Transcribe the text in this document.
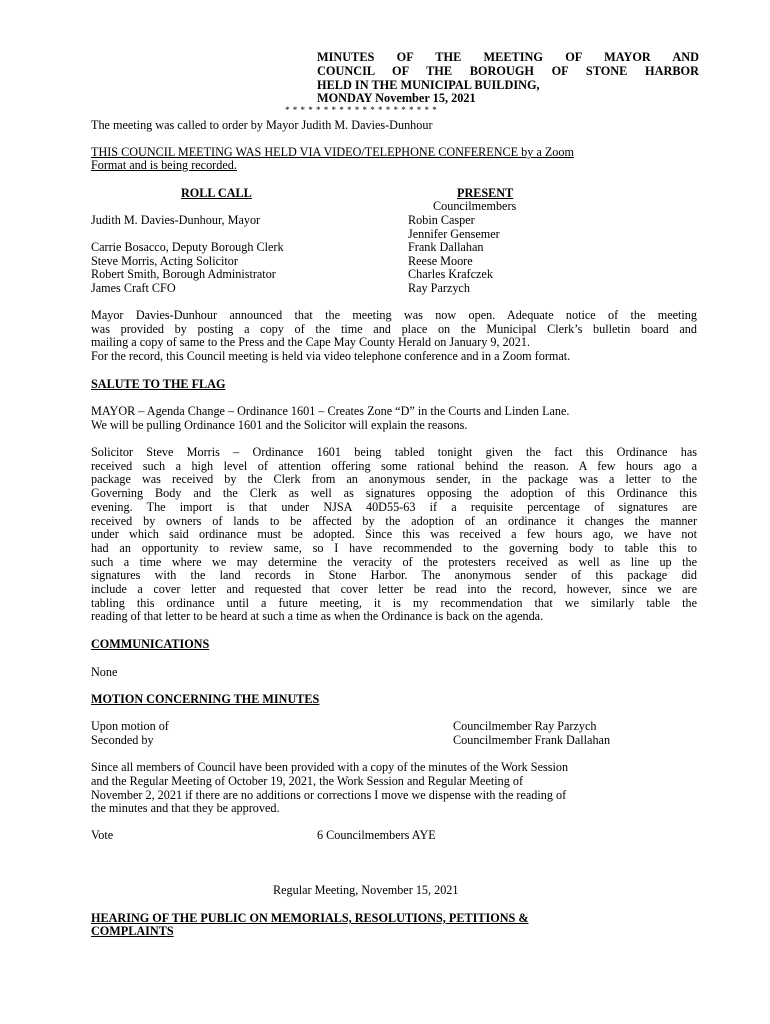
MINUTES OF THE MEETING OF MAYOR AND
COUNCIL OF THE BOROUGH OF STONE HARBOR
HELD IN THE MUNICIPAL BUILDING,
MONDAY November 15, 2021
* * * * * * * * * * * * * * * * * * * *
The meeting was called to order by Mayor Judith M. Davies-Dunhour
THIS COUNCIL MEETING WAS HELD VIA VIDEO/TELEPHONE CONFERENCE by a Zoom
Format and is being recorded.
ROLL CALL
Judith M. Davies-Dunhour, Mayor
Carrie Bosacco, Deputy Borough Clerk
Steve Morris, Acting Solicitor
Robert Smith, Borough Administrator
James Craft CFO
PRESENT
Councilmembers
Robin Casper
Jennifer Gensemer
Frank Dallahan
Reese Moore
Charles Krafczek
Ray Parzych
Mayor Davies-Dunhour announced that the meeting was now open. Adequate notice of the meeting
was provided by posting a copy of the time and place on the Municipal Clerk’s bulletin board and
mailing a copy of same to the Press and the Cape May County Herald on January 9, 2021.
For the record, this Council meeting is held via video telephone conference and in a Zoom format.
SALUTE TO THE FLAG
MAYOR – Agenda Change – Ordinance 1601 – Creates Zone “D” in the Courts and Linden Lane.
We will be pulling Ordinance 1601 and the Solicitor will explain the reasons.
Solicitor Steve Morris – Ordinance 1601 being tabled tonight given the fact this Ordinance has
received such a high level of attention offering some rational behind the reason. A few hours ago a
package was received by the Clerk from an anonymous sender, in the package was a letter to the
Governing Body and the Clerk as well as signatures opposing the adoption of this Ordinance this
evening. The import is that under NJSA 40D55-63 if a requisite percentage of signatures are
received by owners of lands to be affected by the adoption of an ordinance it changes the manner
under which said ordinance must be adopted. Since this was received a few hours ago, we have not
had an opportunity to review same, so I have recommended to the governing body to table this to
such a time where we may determine the veracity of the protesters received as well as line up the
signatures with the land records in Stone Harbor. The anonymous sender of this package did
include a cover letter and requested that cover letter be read into the record, however, since we are
tabling this ordinance until a future meeting, it is my recommendation that we similarly table the
reading of that letter to be heard at such a time as when the Ordinance is back on the agenda.
COMMUNICATIONS
None
MOTION CONCERNING THE MINUTES
Upon motion of	Councilmember Ray Parzych
Seconded by	Councilmember Frank Dallahan
Since all members of Council have been provided with a copy of the minutes of the Work Session
and the Regular Meeting of October 19, 2021, the Work Session and Regular Meeting of
November 2, 2021 if there are no additions or corrections I move we dispense with the reading of
the minutes and that they be approved.
Vote	6 Councilmembers AYE
Regular Meeting, November 15, 2021
HEARING OF THE PUBLIC ON MEMORIALS, RESOLUTIONS, PETITIONS &
COMPLAINTS
